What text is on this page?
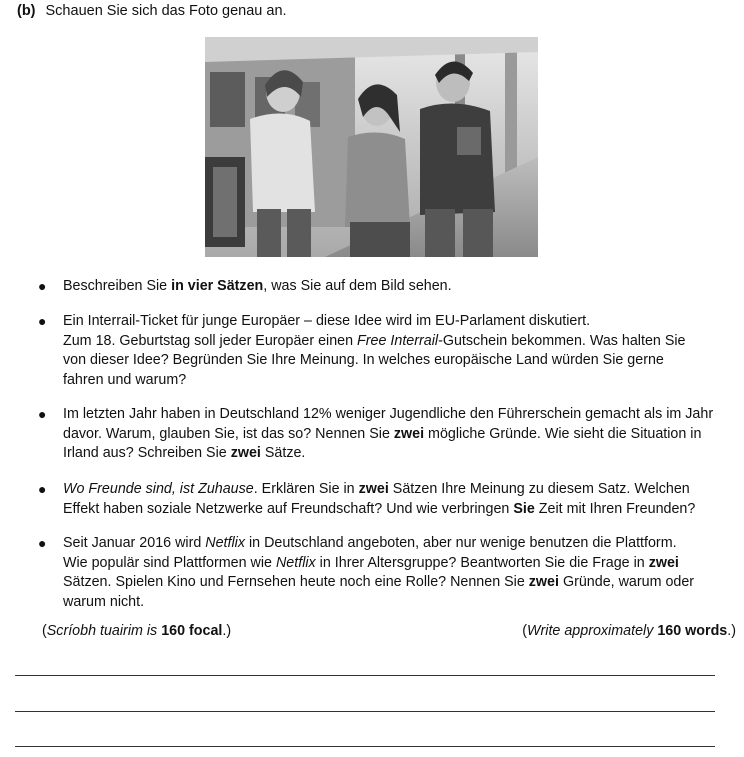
(b) Schauen Sie sich das Foto genau an.
● Beschreiben Sie in vier Sätzen, was Sie auf dem Bild sehen.
● Ein Interrail-Ticket für junge Europäer – diese Idee wird im EU-Parlament diskutiert.
Zum 18. Geburtstag soll jeder Europäer einen Free Interrail-Gutschein bekommen. Was halten Sie
von dieser Idee? Begründen Sie Ihre Meinung. In welches europäische Land würden Sie gerne
fahren und warum?
● Im letzten Jahr haben in Deutschland 12% weniger Jugendliche den Führerschein gemacht als im Jahr
davor. Warum, glauben Sie, ist das so? Nennen Sie zwei mögliche Gründe. Wie sieht die Situation in
Irland aus? Schreiben Sie zwei Sätze.
● Wo Freunde sind, ist Zuhause. Erklären Sie in zwei Sätzen Ihre Meinung zu diesem Satz. Welchen
Effekt haben soziale Netzwerke auf Freundschaft? Und wie verbringen Sie Zeit mit Ihren Freunden?
● Seit Januar 2016 wird Netflix in Deutschland angeboten, aber nur wenige benutzen die Plattform.
Wie populär sind Plattformen wie Netflix in Ihrer Altersgruppe? Beantworten Sie die Frage in zwei
Sätzen. Spielen Kino und Fernsehen heute noch eine Rolle? Nennen Sie zwei Gründe, warum oder
warum nicht.
(Scríobh tuairim is 160 focal.)	(Write approximately 160 words.)
